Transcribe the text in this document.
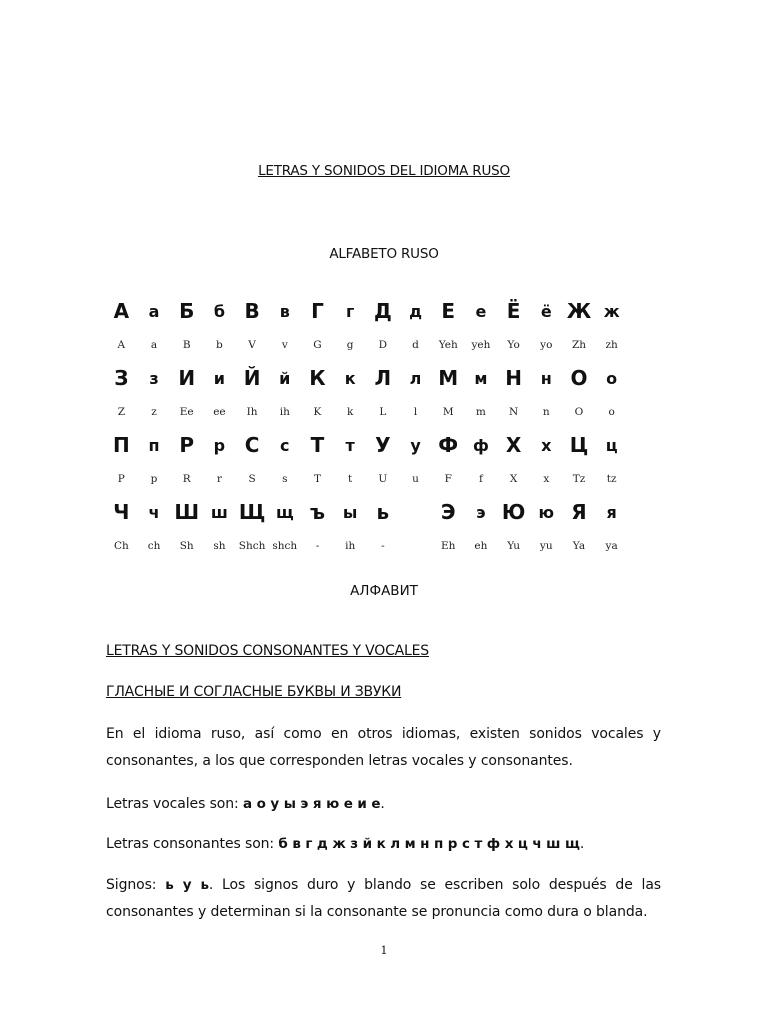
LETRAS Y SONIDOS DEL IDIOMA RUSO
ALFABETO RUSO
А	а Б	б В	в	Г	г Д	д Е	е	Ё	ё Ж ж
A	a	B	b	V	v	G	g	D	d	Yeh	yeh	Yo	yo	Zh	zh
З	з И	и Й	й К	к Л	л М	м Н	н О	о
Z	z	Ee	ee	Ih	ih	K	k	L	l	M	m	N	n	O	o
П	п Р	р С	с	Т	т	У	у Ф ф Х	х Ц	ц
P	p	R	r	S	s	T	t	U	u	F	f	X	x	Tz	tz
Ч	ч Ш ш Щ щ ъ	ы ь	Э	э Ю ю Я	я
Ch	ch	Sh	sh	Shch shch	-	ih	-	Eh	eh	Yu	yu	Ya	ya
АЛФАВИТ
LETRAS Y SONIDOS CONSONANTES Y VOCALES
ГЛАСНЫЕ И СОГЛАСНЫЕ БУКВЫ И ЗВУКИ
En el idioma ruso, así como en otros idiomas, existen sonidos vocales y consonantes, a los que corresponden letras vocales y consonantes.
Letras vocales son: а о у ы э я ю е и е.
Letras consonantes son: б в г д ж з й к л м н п р с т ф х ц ч ш щ.
Signos: ь у ь. Los signos duro y blando se escriben solo después de las consonantes y determinan si la consonante se pronuncia como dura o blanda.
1
